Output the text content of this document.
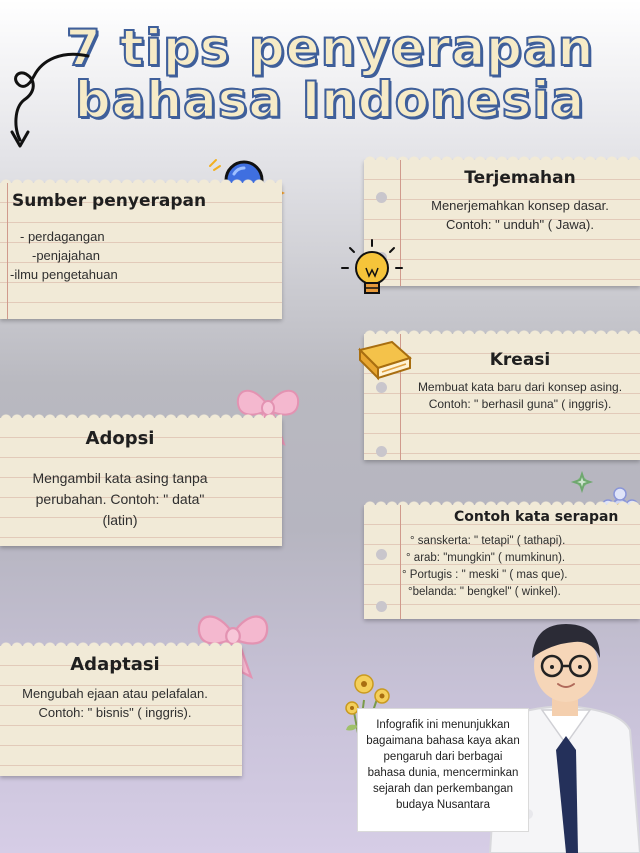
7 tips penyerapan
bahasa Indonesia
Sumber penyerapan
- perdagangan
-penjajahan
-ilmu pengetahuan
Terjemahan
Menerjemahkan konsep dasar.
Contoh: " unduh" ( Jawa).
Kreasi
Membuat kata baru dari konsep asing.
Contoh: " berhasil guna" ( inggris).
Adopsi
Mengambil kata asing tanpa
perubahan. Contoh: " data"
(latin)	Contoh kata serapan
° sanskerta: " tetapi" ( tathapi).
° arab: "mungkin" ( mumkinun).
° Portugis : " meski " ( mas que).
°belanda: " bengkel" ( winkel).
Adaptasi
Mengubah ejaan atau pelafalan.
Contoh: " bisnis" ( inggris).
Infografik ini menunjukkan bagaimana bahasa kaya akan pengaruh dari berbagai bahasa dunia, mencerminkan sejarah dan perkembangan budaya Nusantara
